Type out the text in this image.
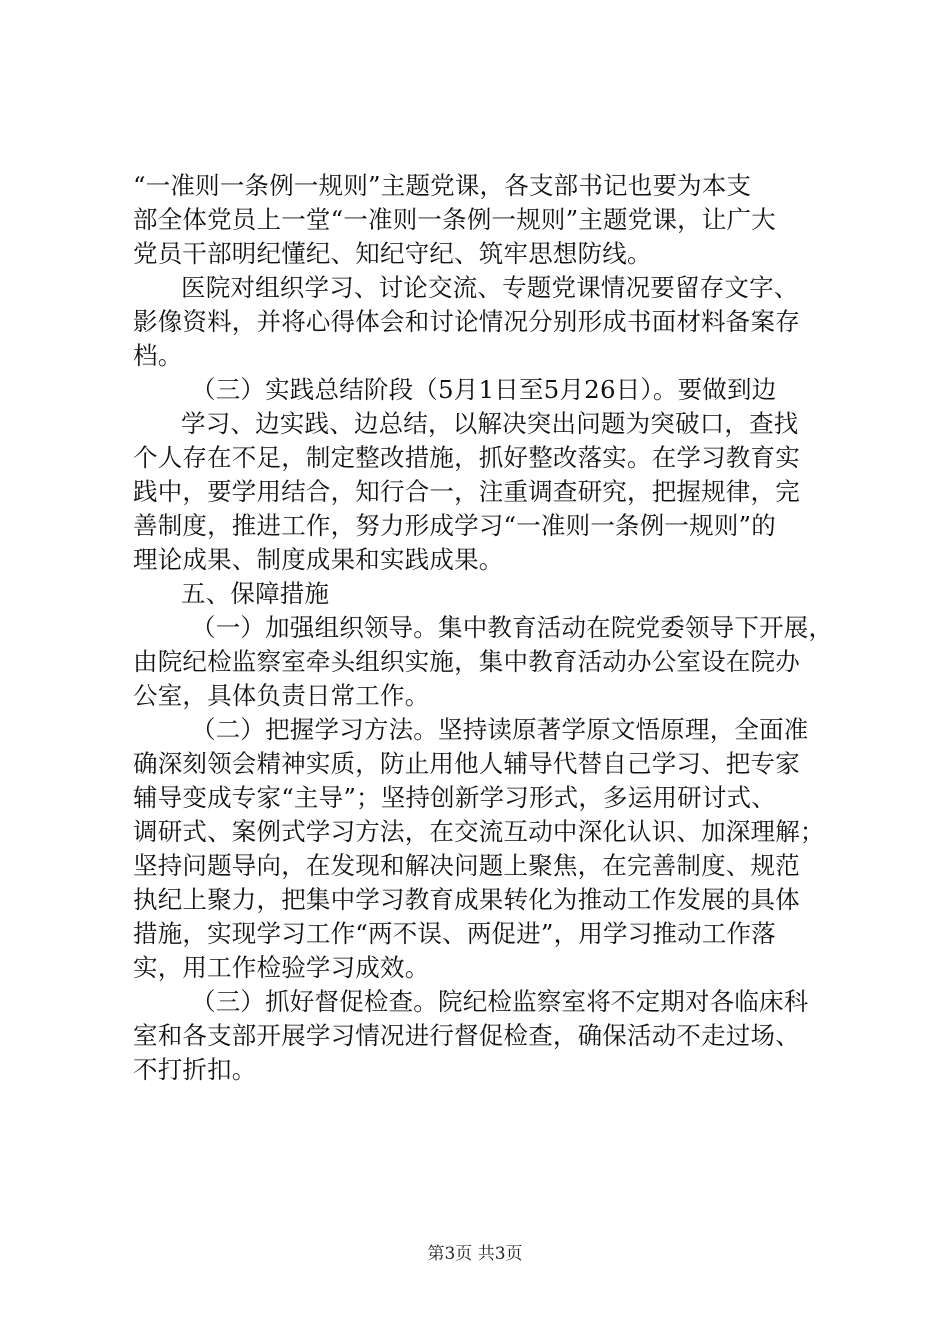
“一准则一条例一规则”主题党课，各支部书记也要为本支
部全体党员上一堂“一准则一条例一规则”主题党课，让广大
党员干部明纪懂纪、知纪守纪、筑牢思想防线。
医院对组织学习、讨论交流、专题党课情况要留存文字、
影像资料，并将心得体会和讨论情况分别形成书面材料备案存
档。
（三）实践总结阶段（5月1日至5月26日）。要做到边
学习、边实践、边总结，以解决突出问题为突破口，查找
个人存在不足，制定整改措施，抓好整改落实。在学习教育实
践中，要学用结合，知行合一，注重调查研究，把握规律，完
善制度，推进工作，努力形成学习“一准则一条例一规则”的
理论成果、制度成果和实践成果。
五、保障措施
（一）加强组织领导。集中教育活动在院党委领导下开展，
由院纪检监察室牵头组织实施，集中教育活动办公室设在院办
公室，具体负责日常工作。
（二）把握学习方法。坚持读原著学原文悟原理，全面准
确深刻领会精神实质，防止用他人辅导代替自己学习、把专家
辅导变成专家“主导”；坚持创新学习形式，多运用研讨式、
调研式、案例式学习方法，在交流互动中深化认识、加深理解；
坚持问题导向，在发现和解决问题上聚焦，在完善制度、规范
执纪上聚力，把集中学习教育成果转化为推动工作发展的具体
措施，实现学习工作“两不误、两促进”，用学习推动工作落
实，用工作检验学习成效。
（三）抓好督促检查。院纪检监察室将不定期对各临床科
室和各支部开展学习情况进行督促检查，确保活动不走过场、
不打折扣。
第3页 共3页
